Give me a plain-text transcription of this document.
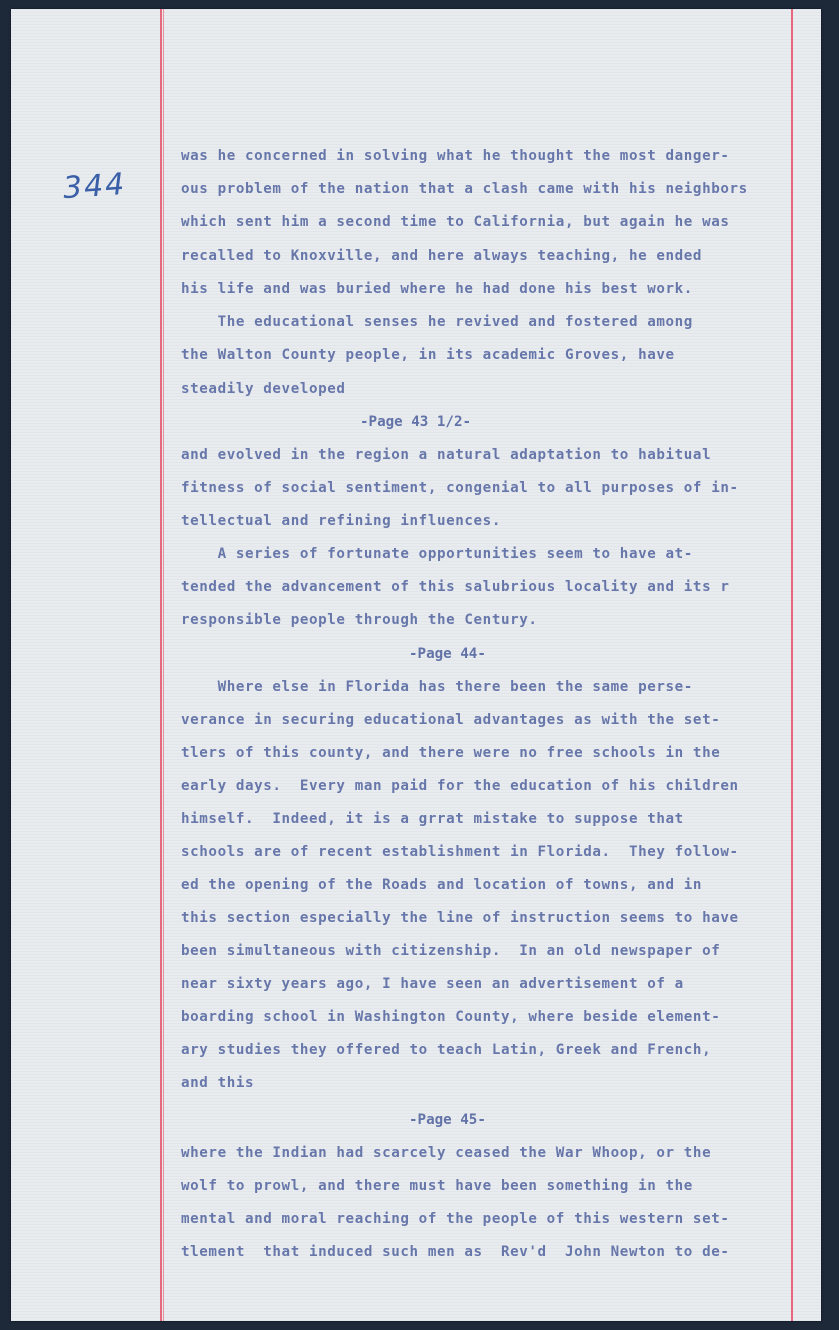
344
was he concerned in solving what he thought the most danger-
ous problem of the nation that a clash came with his neighbors
which sent him a second time to California, but again he was
recalled to Knoxville, and here always teaching, he ended
his life and was buried where he had done his best work.
The educational senses he revived and fostered among
the Walton County people, in its academic Groves, have
steadily developed
-Page 43 1/2-
and evolved in the region a natural adaptation to habitual
fitness of social sentiment, congenial to all purposes of in-
tellectual and refining influences.
A series of fortunate opportunities seem to have at-
tended the advancement of this salubrious locality and its r
responsible people through the Century.
-Page 44-
Where else in Florida has there been the same perse-
verance in securing educational advantages as with the set-
tlers of this county, and there were no free schools in the
early days.  Every man paid for the education of his children
himself.  Indeed, it is a grrat mistake to suppose that
schools are of recent establishment in Florida.  They follow-
ed the opening of the Roads and location of towns, and in
this section especially the line of instruction seems to have
been simultaneous with citizenship.  In an old newspaper of
near sixty years ago, I have seen an advertisement of a
boarding school in Washington County, where beside element-
ary studies they offered to teach Latin, Greek and French,
and this
-Page 45-
where the Indian had scarcely ceased the War Whoop, or the
wolf to prowl, and there must have been something in the
mental and moral reaching of the people of this western set-
tlement  that induced such men as  Rev'd  John Newton to de-
